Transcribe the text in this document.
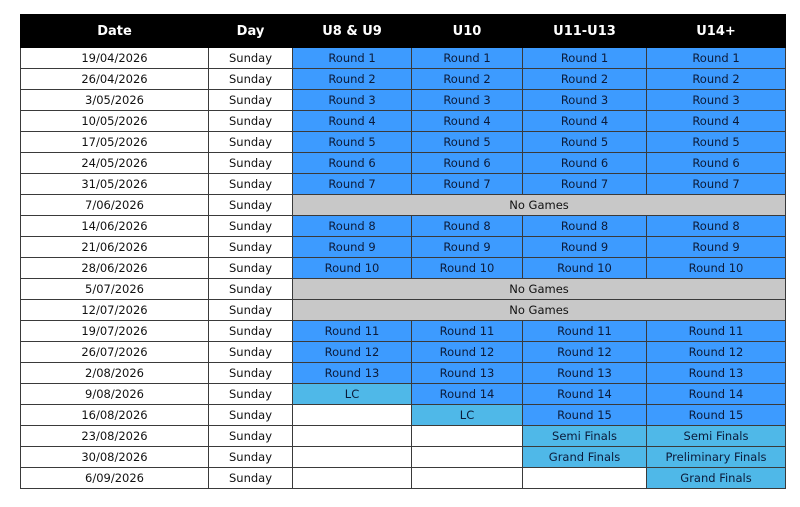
Date	Day	U8 & U9	U10	U11-U13	U14+
19/04/2026	Sunday	Round 1	Round 1	Round 1	Round 1
26/04/2026	Sunday	Round 2	Round 2	Round 2	Round 2
3/05/2026	Sunday	Round 3	Round 3	Round 3	Round 3
10/05/2026	Sunday	Round 4	Round 4	Round 4	Round 4
17/05/2026	Sunday	Round 5	Round 5	Round 5	Round 5
24/05/2026	Sunday	Round 6	Round 6	Round 6	Round 6
31/05/2026	Sunday	Round 7	Round 7	Round 7	Round 7
7/06/2026	Sunday	No Games			
14/06/2026	Sunday	Round 8	Round 8	Round 8	Round 8
21/06/2026	Sunday	Round 9	Round 9	Round 9	Round 9
28/06/2026	Sunday	Round 10	Round 10	Round 10	Round 10
5/07/2026	Sunday	No Games			
12/07/2026	Sunday	No Games			
19/07/2026	Sunday	Round 11	Round 11	Round 11	Round 11
26/07/2026	Sunday	Round 12	Round 12	Round 12	Round 12
2/08/2026	Sunday	Round 13	Round 13	Round 13	Round 13
9/08/2026	Sunday	LC	Round 14	Round 14	Round 14
16/08/2026	Sunday		LC	Round 15	Round 15
23/08/2026	Sunday			Semi Finals	Semi Finals
30/08/2026	Sunday			Grand Finals	Preliminary Finals
6/09/2026	Sunday				Grand Finals
